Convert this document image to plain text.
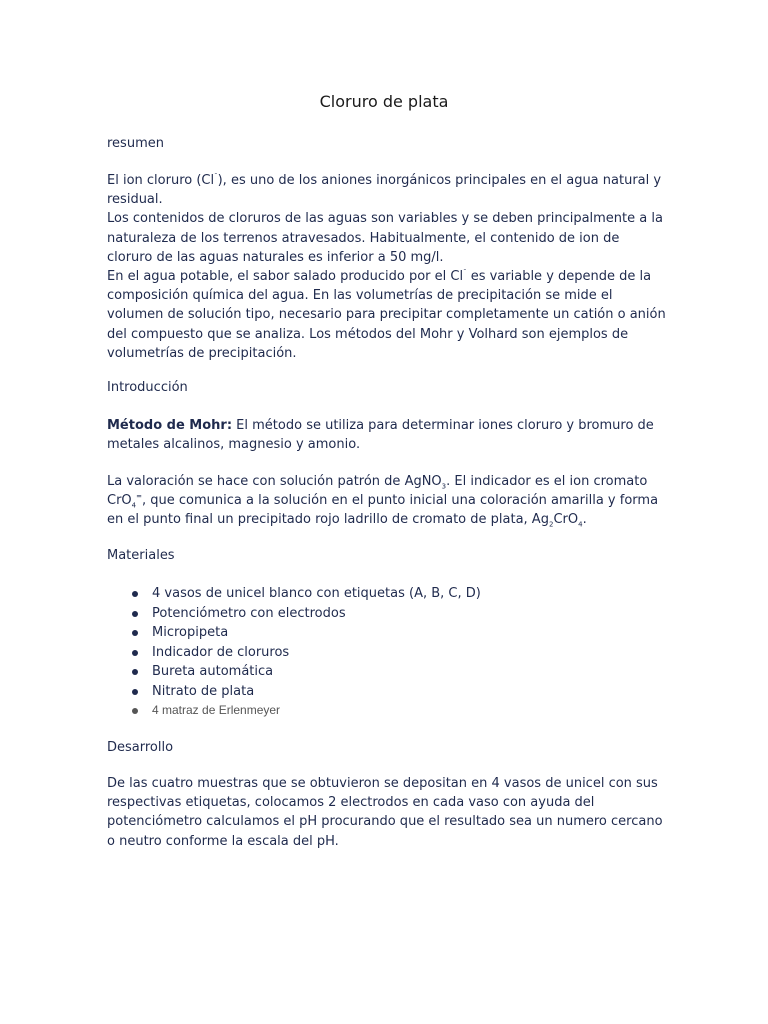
Cloruro de plata
resumen
El ion cloruro (Cl¯), es uno de los aniones inorgánicos principales en el agua natural y residual.
Los contenidos de cloruros de las aguas son variables y se deben principalmente a la naturaleza de los terrenos atravesados. Habitualmente, el contenido de ion de cloruro de las aguas naturales es inferior a 50 mg/l.
En el agua potable, el sabor salado producido por el Cl¯ es variable y depende de la composición química del agua. En las volumetrías de precipitación se mide el volumen de solución tipo, necesario para precipitar completamente un catión o anión del compuesto que se analiza. Los métodos del Mohr y Volhard son ejemplos de volumetrías de precipitación.
Introducción
Método de Mohr: El método se utiliza para determinar iones cloruro y bromuro de metales alcalinos, magnesio y amonio.
La valoración se hace con solución patrón de AgNO$_3$. El indicador es el ion cromato CrO$_4$=, que comunica a la solución en el punto inicial una coloración amarilla y forma en el punto final un precipitado rojo ladrillo de cromato de plata, $Ag_2CrO_4$.
Materiales
4 vasos de unicel blanco con etiquetas (A, B, C, D)
Potenciómetro con electrodos
Micropipeta
Indicador de cloruros
Bureta automática
Nitrato de plata
4 matraz de Erlenmeyer
Desarrollo
De las cuatro muestras que se obtuvieron se depositan en 4 vasos de unicel con sus respectivas etiquetas, colocamos 2 electrodos en cada vaso con ayuda del potenciómetro calculamos el pH procurando que el resultado sea un numero cercano o neutro conforme la escala del pH.
